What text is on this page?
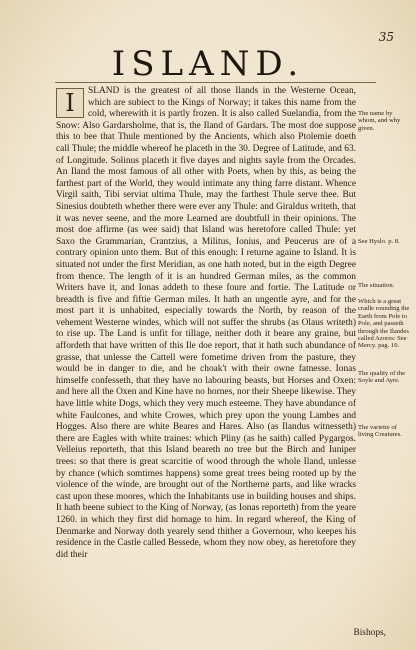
35
ISLAND.
I	SLAND is the greatest of all those Ilands in the Westerne Ocean, which are subiect to the Kings of Norway; it takes this name from the cold, wherewith it is partly frozen. It is also called Suelandia, from the Snow: Also Gardarsholme, that is, the Iland of Gardars. The most doe suppose this to bee that Thule mentioned by the Ancients, which also Ptolemie doeth call Thule; the middle whereof he placeth in the 30. Degree of Latitude, and 63. of Longitude. Solinus placeth it five dayes and nights sayle from the Orcades. An Iland the most famous of all other with Poets, when by this, as being the farthest part of the World, they would intimate any thing farre distant. Whence Virgil saith, Tibi serviat ultima Thule, may the farthest Thule serve thee. But Sinesius doubteth whether there were ever any Thule: and Giraldus writeth, that it was never seene, and the more Learned are doubtfull in their opinions. The most doe affirme (as wee said) that Island was heretofore called Thule: yet Saxo the Grammarian, Crantzius, a Militus, Ionius, and Peucerus are of a contrary opinion unto them. But of this enough: I returne againe to Island. It is situated not under the first Meridian, as one hath noted, but in the eigth Degree from thence. The length of it is an hundred German miles, as the common Writers have it, and Ionas addeth to these foure and fortie. The Latitude or breadth is five and fiftie German miles. It hath an ungentle ayre, and for the most part it is unhabited, especially towards the North, by reason of the vehement Westerne windes, which will not suffer the shrubs (as Olaus writeth) to rise up. The Land is unfit for tillage, neither doth it beare any graine, but affordeth that have written of this Ile doe report, that it hath such abundance of grasse, that unlesse the Cattell were fometime driven from the pasture, they would be in danger to die, and be choak't with their owne fatnesse. Ionas himselfe confesseth, that they have no labouring beasts, but Horses and Oxen: and here all the Oxen and Kine have no hornes, nor their Sheepe likewise. They have little white Dogs, which they very much esteeme. They have abundance of white Faulcones, and white Crowes, which prey upon the young Lambes and Hogges. Also there are white Beares and Hares. Also (as Ilandus witnesseth) there are Eagles with white traines: which Pliny (as he saith) called Pygargos. Velleius reporteth, that this Island beareth no tree but the Birch and Iuniper trees: so that there is great scarcitie of wood through the whole Iland, unlesse by chance (which somtimes happens) some great trees being rooted up by the violence of the winde, are brought out of the Northerne parts, and like wracks cast upon these moores, which the Inhabitants use in building houses and ships. It hath beene subiect to the King of Norway, (as Ionas reporteth) from the yeare 1260. in which they first did homage to him. In regard whereof, the King of Denmarke and Norway doth yearely send thither a Governour, who keepes his residence in the Castle called Bessede, whom they now obey, as heretofore they did their
The name by whom, and why given.
See Hyslo. p. 8.
The situation.
Which is a great cradle rounding the Earth from Pole to Pole, and passeth through the Ilandes called Azores: See Mercy. pag. 10.
The quality of the Soyle and Ayre.
The varietie of living Creatures.
Bishops,
